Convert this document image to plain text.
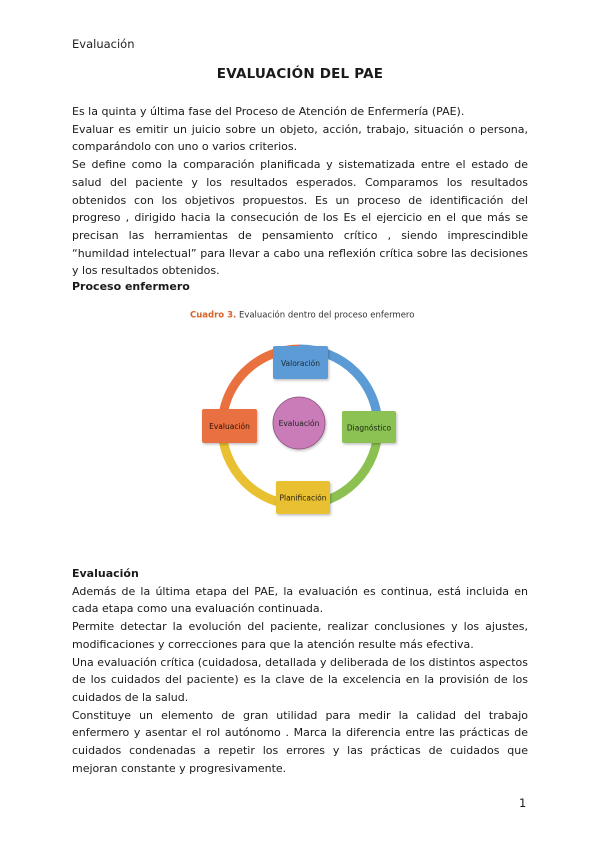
Evaluación
EVALUACIÓN DEL PAE

Es la quinta y última fase del Proceso de Atención de Enfermería (PAE).

Evaluar es emitir un juicio sobre un objeto, acción, trabajo, situación o persona, comparándolo con uno o varios criterios.

Se define como la comparación planificada y sistematizada entre el estado de salud del paciente y los resultados esperados. Comparamos los resultados obtenidos con los objetivos propuestos. Es un proceso de identificación del progreso , dirigido hacia la consecución de los Es el ejercicio en el que más se precisan las herramientas de pensamiento crítico , siendo imprescindible “humildad intelectual” para llevar a cabo una reflexión crítica sobre las decisiones y los resultados obtenidos.

Proceso enfermero
Cuadro 3. Evaluación dentro del proceso enfermero
Evaluación
Valoración
Diagnóstico
Planificación
Evaluación

Evaluación

Además de la última etapa del PAE, la evaluación es continua, está incluida en cada etapa como una evaluación continuada.

Permite detectar la evolución del paciente, realizar conclusiones y los ajustes, modificaciones y correcciones para que la atención resulte más efectiva.

Una evaluación crítica (cuidadosa, detallada y deliberada de los distintos aspectos de los cuidados del paciente) es la clave de la excelencia en la provisión de los cuidados de la salud.

Constituye un elemento de gran utilidad para medir la calidad del trabajo enfermero y asentar el rol autónomo . Marca la diferencia entre las prácticas de cuidados condenadas a repetir los errores y las prácticas de cuidados que mejoran constante y progresivamente.

1
